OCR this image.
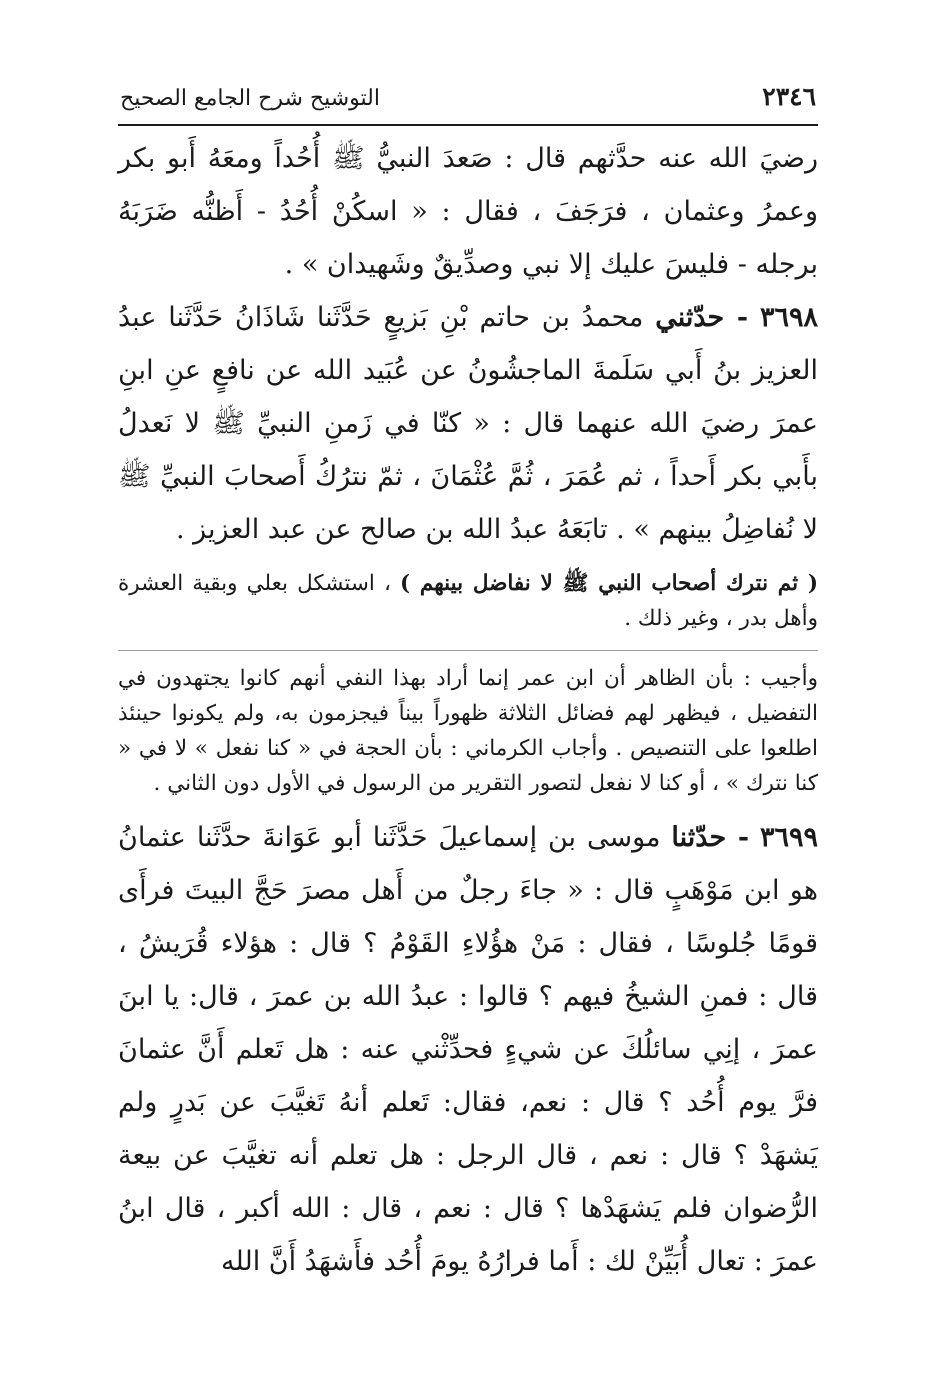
٢٣٤٦
التوشيح شرح الجامع الصحيح

رضيَ الله عنه حدَّثهم قال : صَعدَ النبيُّ ﷺ أُحُداً ومعَهُ أَبو بكر وعمرُ وعثمان ، فرَجَفَ ، فقال : « اسكُنْ أُحُدُ - أَظنُّه ضَرَبَهُ برجله - فليسَ عليك إلا نبي وصدِّيقٌ وشَهيدان » .

٣٦٩٨ - حدّثني محمدُ بن حاتم بْنِ بَزيعٍ حَدَّثَنا شَاذَانُ حَدَّثَنا عبدُ العزيز بنُ أَبي سَلَمةَ الماجشُونُ عن عُبَيد الله عن نافعٍ عنِ ابنِ عمرَ رضيَ الله عنهما قال : « كنّا في زَمنِ النبيِّ ﷺ لا نَعدلُ بأَبي بكر أَحداً ، ثم عُمَرَ ، ثُمَّ عُثْمَانَ ، ثمّ نترُكُ أَصحابَ النبيِّ ﷺ لا نُفاضِلُ بينهم » . تابَعَهُ عبدُ الله بن صالح عن عبد العزيز .

( ثم نترك أصحاب النبي ﷺ لا نفاضل بينهم ) ، استشكل بعلي وبقية العشرة وأهل بدر ، وغير ذلك .

وأجيب : بأن الظاهر أن ابن عمر إنما أراد بهذا النفي أنهم كانوا يجتهدون في التفضيل ، فيظهر لهم فضائل الثلاثة ظهوراً بيناً فيجزمون به، ولم يكونوا حينئذ اطلعوا على التنصيص . وأجاب الكرماني : بأن الحجة في « كنا نفعل » لا في « كنا نترك » ، أو كنا لا نفعل لتصور التقرير من الرسول في الأول دون الثاني .

٣٦٩٩ - حدّثنا موسى بن إسماعيلَ حَدَّثَنا أبو عَوَانةَ حدَّثَنا عثمانُ هو ابن مَوْهَبٍ قال : « جاءَ رجلٌ من أَهل مصرَ حَجَّ البيتَ فرأَى قومًا جُلوسًا ، فقال : مَنْ هؤُلاءِ القَوْمُ ؟ قال : هؤلاء قُرَيشُ ، قال : فمنِ الشيخُ فيهم ؟ قالوا : عبدُ الله بن عمرَ ، قال: يا ابنَ عمرَ ، إنِي سائلُكَ عن شيءٍ فحدِّثْني عنه : هل تَعلم أَنَّ عثمانَ فرَّ يوم أُحُد ؟ قال : نعم، فقال: تَعلم أنهُ تَغيَّبَ عن بَدرٍ ولم يَشهَدْ ؟ قال : نعم ، قال الرجل : هل تعلم أنه تغيَّبَ عن بيعة الرُّضوان فلم يَشهَدْها ؟ قال : نعم ، قال : الله أكبر ، قال ابنُ عمرَ : تعال أُبَيِّنْ لك : أَما فرارُهُ يومَ أُحُد فأَشهَدُ أَنَّ الله
